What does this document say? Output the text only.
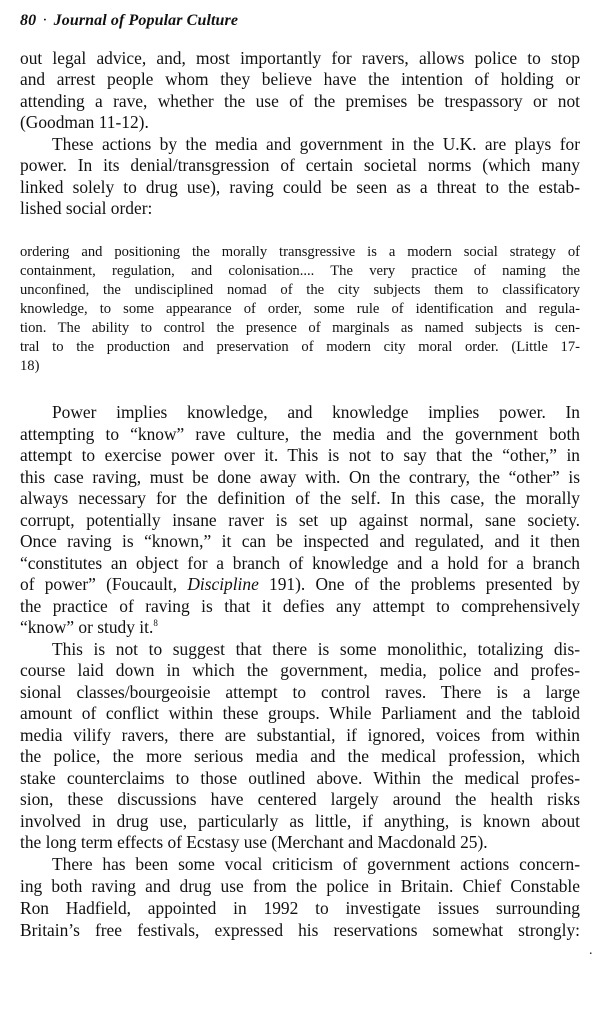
80 · Journal of Popular Culture
out legal advice, and, most importantly for ravers, allows police to stop
and arrest people whom they believe have the intention of holding or
attending a rave, whether the use of the premises be trespassory or not
(Goodman 11-12).
These actions by the media and government in the U.K. are plays for
power. In its denial/transgression of certain societal norms (which many
linked solely to drug use), raving could be seen as a threat to the estab-
lished social order:
ordering and positioning the morally transgressive is a modern social strategy of
containment, regulation, and colonisation.... The very practice of naming the
unconfined, the undisciplined nomad of the city subjects them to classificatory
knowledge, to some appearance of order, some rule of identification and regula-
tion. The ability to control the presence of marginals as named subjects is cen-
tral to the production and preservation of modern city moral order. (Little 17-
18)
Power implies knowledge, and knowledge implies power. In
attempting to “know” rave culture, the media and the government both
attempt to exercise power over it. This is not to say that the “other,” in
this case raving, must be done away with. On the contrary, the “other” is
always necessary for the definition of the self. In this case, the morally
corrupt, potentially insane raver is set up against normal, sane society.
Once raving is “known,” it can be inspected and regulated, and it then
“constitutes an object for a branch of knowledge and a hold for a branch
of power” (Foucault, Discipline 191). One of the problems presented by
the practice of raving is that it defies any attempt to comprehensively
“know” or study it.$^8$
This is not to suggest that there is some monolithic, totalizing dis-
course laid down in which the government, media, police and profes-
sional classes/bourgeoisie attempt to control raves. There is a large
amount of conflict within these groups. While Parliament and the tabloid
media vilify ravers, there are substantial, if ignored, voices from within
the police, the more serious media and the medical profession, which
stake counterclaims to those outlined above. Within the medical profes-
sion, these discussions have centered largely around the health risks
involved in drug use, particularly as little, if anything, is known about
the long term effects of Ecstasy use (Merchant and Macdonald 25).
There has been some vocal criticism of government actions concern-
ing both raving and drug use from the police in Britain. Chief Constable
Ron Hadfield, appointed in 1992 to investigate issues surrounding
Britain’s free festivals, expressed his reservations somewhat strongly:
.
